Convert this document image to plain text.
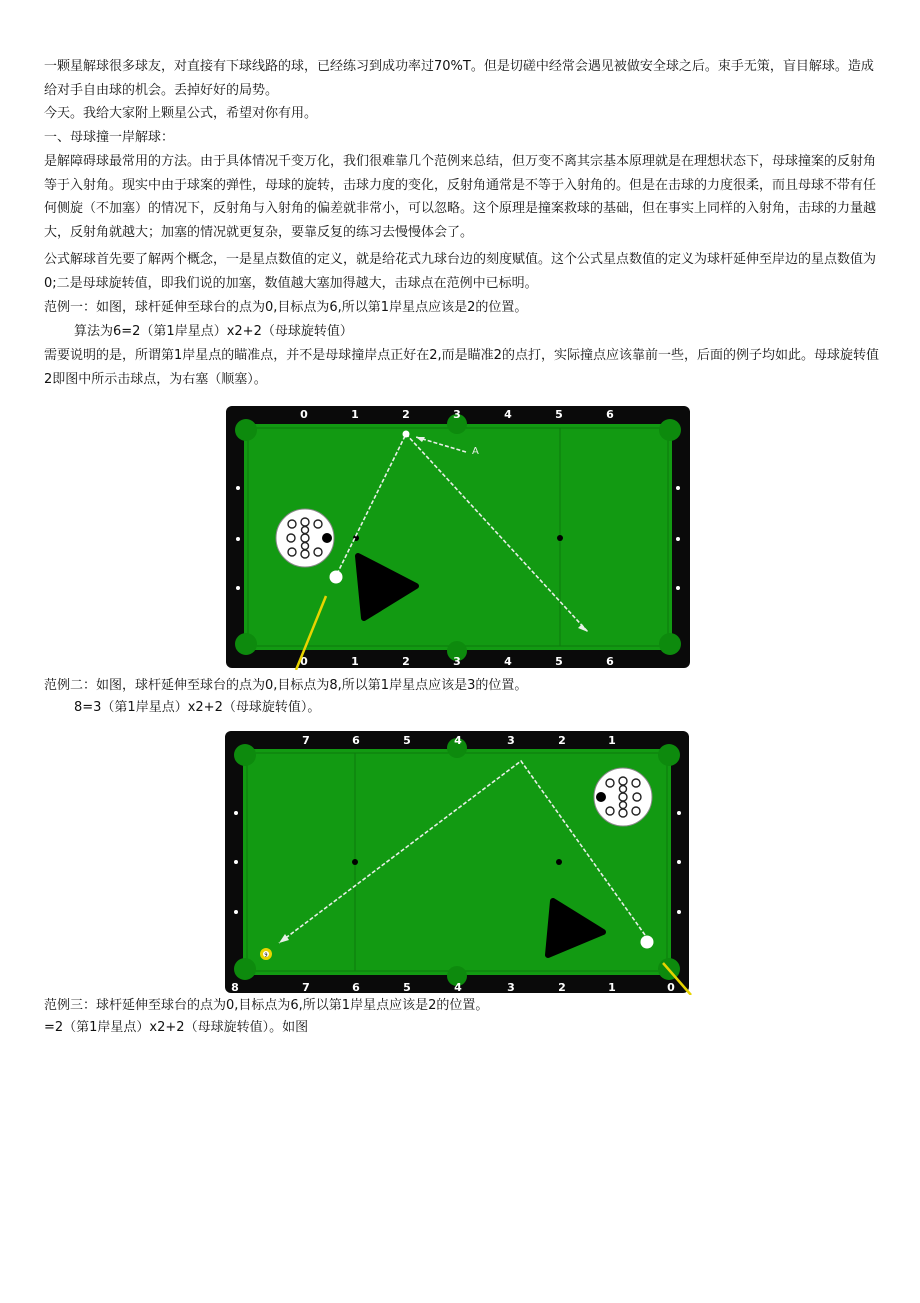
一颗星解球很多球友，对直接有下球线路的球，已经练习到成功率过70%T。但是切磋中经常会遇见被做安全球之后。束手无策，盲目解球。造成给对手自由球的机会。丢掉好好的局势。

今天。我给大家附上颗星公式，希望对你有用。

一、母球撞一岸解球：

是解障碍球最常用的方法。由于具体情况千变万化，我们很难靠几个范例来总结，但万变不离其宗基本原理就是在理想状态下，母球撞案的反射角等于入射角。现实中由于球案的弹性，母球的旋转，击球力度的变化，反射角通常是不等于入射角的。但是在击球的力度很柔，而且母球不带有任何侧旋（不加塞）的情况下，反射角与入射角的偏差就非常小，可以忽略。这个原理是撞案救球的基础，但在事实上同样的入射角，击球的力量越大，反射角就越大；加塞的情况就更复杂，要靠反复的练习去慢慢体会了。

公式解球首先要了解两个概念，一是星点数值的定义，就是给花式九球台边的刻度赋值。这个公式星点数值的定义为球杆延伸至岸边的星点数值为0;二是母球旋转值，即我们说的加塞，数值越大塞加得越大，击球点在范例中已标明。

范例一：如图，球杆延伸至球台的点为0,目标点为6,所以第1岸星点应该是2的位置。

算法为6=2（第1岸星点）x2+2（母球旋转值）

需要说明的是，所谓第1岸星点的瞄准点，并不是母球撞岸点正好在2,而是瞄准2的点打，实际撞点应该靠前一些，后面的例子均如此。母球旋转值2即图中所示击球点，为右塞（顺塞）。

0	1	2	3	4	5	6
0	1	2	3	4	5	6
A

范例二：如图，球杆延伸至球台的点为0,目标点为8,所以第1岸星点应该是3的位置。

8=3（第1岸星点）x2+2（母球旋转值）。

7	6	5	4	3	2	1
8	7	6	5	4	3	2	1	0
9

范例三：球杆延伸至球台的点为0,目标点为6,所以第1岸星点应该是2的位置。

=2（第1岸星点）x2+2（母球旋转值）。如图
